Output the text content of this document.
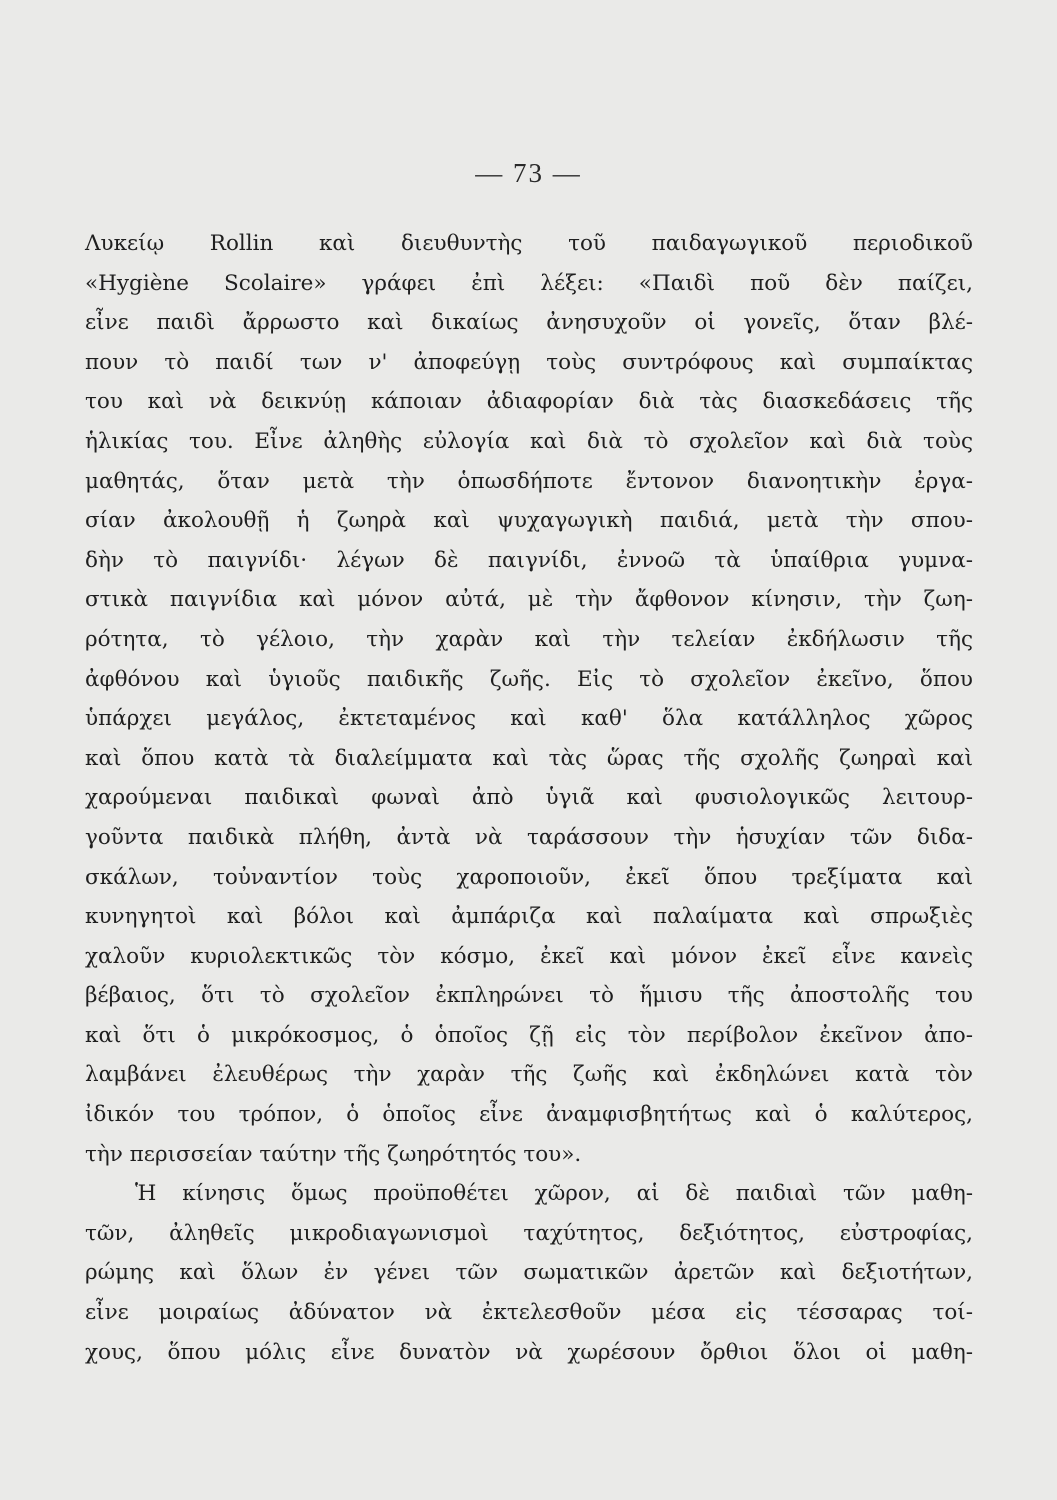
— 73 —
Λυκείῳ Rollin καὶ διευθυντὴς τοῦ παιδαγωγικοῦ περιοδικοῦ
«Hygiène Scolaire» γράφει ἐπὶ λέξει: «Παιδὶ ποῦ δὲν παίζει,
εἶνε παιδὶ ἄρρωστο καὶ δικαίως ἀνησυχοῦν οἱ γονεῖς, ὅταν βλέ-
πουν τὸ παιδί των ν' ἀποφεύγῃ τοὺς συντρόφους καὶ συμπαίκτας
του καὶ νὰ δεικνύῃ κάποιαν ἀδιαφορίαν διὰ τὰς διασκεδάσεις τῆς
ἡλικίας του. Εἶνε ἀληθὴς εὐλογία καὶ διὰ τὸ σχολεῖον καὶ διὰ τοὺς
μαθητάς, ὅταν μετὰ τὴν ὁπωσδήποτε ἔντονον διανοητικὴν ἐργα-
σίαν ἀκολουθῇ ἡ ζωηρὰ καὶ ψυχαγωγικὴ παιδιά, μετὰ τὴν σπου-
δὴν τὸ παιγνίδι· λέγων δὲ παιγνίδι, ἐννοῶ τὰ ὑπαίθρια γυμνα-
στικὰ παιγνίδια καὶ μόνον αὐτά, μὲ τὴν ἄφθονον κίνησιν, τὴν ζωη-
ρότητα, τὸ γέλοιο, τὴν χαρὰν καὶ τὴν τελείαν ἐκδήλωσιν τῆς
ἀφθόνου καὶ ὑγιοῦς παιδικῆς ζωῆς. Εἰς τὸ σχολεῖον ἐκεῖνο, ὅπου
ὑπάρχει μεγάλος, ἐκτεταμένος καὶ καθ' ὅλα κατάλληλος χῶρος
καὶ ὅπου κατὰ τὰ διαλείμματα καὶ τὰς ὥρας τῆς σχολῆς ζωηραὶ καὶ
χαρούμεναι παιδικαὶ φωναὶ ἀπὸ ὑγιᾶ καὶ φυσιολογικῶς λειτουρ-
γοῦντα παιδικὰ πλήθη, ἀντὰ νὰ ταράσσουν τὴν ἡσυχίαν τῶν διδα-
σκάλων, τοὐναντίον τοὺς χαροποιοῦν, ἐκεῖ ὅπου τρεξίματα καὶ
κυνηγητοὶ καὶ βόλοι καὶ ἀμπάριζα καὶ παλαίματα καὶ σπρωξιὲς
χαλοῦν κυριολεκτικῶς τὸν κόσμο, ἐκεῖ καὶ μόνον ἐκεῖ εἶνε κανεὶς
βέβαιος, ὅτι τὸ σχολεῖον ἐκπληρώνει τὸ ἥμισυ τῆς ἀποστολῆς του
καὶ ὅτι ὁ μικρόκοσμος, ὁ ὁποῖος ζῇ εἰς τὸν περίβολον ἐκεῖνον ἀπο-
λαμβάνει ἐλευθέρως τὴν χαρὰν τῆς ζωῆς καὶ ἐκδηλώνει κατὰ τὸν
ἰδικόν του τρόπον, ὁ ὁποῖος εἶνε ἀναμφισβητήτως καὶ ὁ καλύτερος,
τὴν περισσείαν ταύτην τῆς ζωηρότητός του».
Ἡ κίνησις ὅμως προϋποθέτει χῶρον, αἱ δὲ παιδιαὶ τῶν μαθη-
τῶν, ἀληθεῖς μικροδιαγωνισμοὶ ταχύτητος, δεξιότητος, εὐστροφίας,
ρώμης καὶ ὅλων ἐν γένει τῶν σωματικῶν ἀρετῶν καὶ δεξιοτήτων,
εἶνε μοιραίως ἀδύνατον νὰ ἐκτελεσθοῦν μέσα εἰς τέσσαρας τοί-
χους, ὅπου μόλις εἶνε δυνατὸν νὰ χωρέσουν ὄρθιοι ὅλοι οἱ μαθη-
